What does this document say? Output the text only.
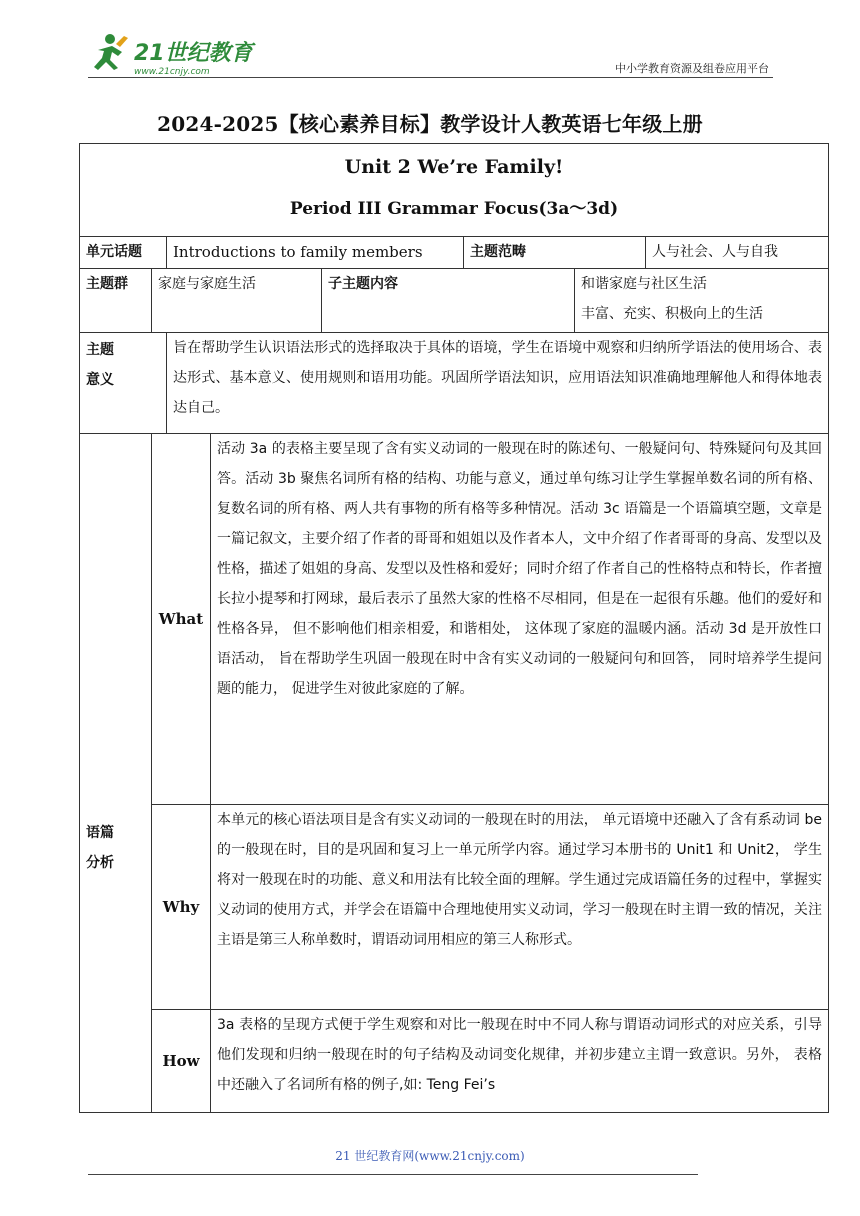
21世纪教育
www.21cnjy.com	中小学教育资源及组卷应用平台
2024-2025【核心素养目标】教学设计人教英语七年级上册
Unit 2 We’re Family!
Period III Grammar Focus(3a～3d)							

单元话题		Introductions to family members			主题范畴		人与社会、人与自我
主题群	家庭与家庭生活			子主题内容		和谐家庭与社区生活
丰富、充实、积极向上的生活	

主题
意义		旨在帮助学生认识语法形式的选择取决于具体的语境，学生在语境中观察和归纳所学语法的使用场合、表达形式、基本意义、使用规则和语用功能。巩固所学语法知识，应用语法知识准确地理解他人和得体地表达自己。					

语篇
分析	What		活动 3a 的表格主要呈现了含有实义动词的一般现在时的陈述句、一般疑问句、特殊疑问句及其回答。活动 3b 聚焦名词所有格的结构、功能与意义，通过单句练习让学生掌握单数名词的所有格、复数名词的所有格、两人共有事物的所有格等多种情况。活动 3c 语篇是一个语篇填空题，文章是一篇记叙文，主要介绍了作者的哥哥和姐姐以及作者本人，文中介绍了作者哥哥的身高、发型以及性格，描述了姐姐的身高、发型以及性格和爱好；同时介绍了作者自己的性格特点和特长，作者擅长拉小提琴和打网球，最后表示了虽然大家的性格不尽相同，但是在一起很有乐趣。他们的爱好和性格各异， 但不影响他们相亲相爱，和谐相处， 这体现了家庭的温暖内涵。活动 3d 是开放性口语活动， 旨在帮助学生巩固一般现在时中含有实义动词的一般疑问句和回答， 同时培养学生提问题的能力， 促进学生对彼此家庭的了解。				
	Why		本单元的核心语法项目是含有实义动词的一般现在时的用法， 单元语境中还融入了含有系动词 be 的一般现在时，目的是巩固和复习上一单元所学内容。通过学习本册书的 Unit1 和 Unit2， 学生将对一般现在时的功能、意义和用法有比较全面的理解。学生通过完成语篇任务的过程中，掌握实义动词的使用方式，并学会在语篇中合理地使用实义动词，学习一般现在时主谓一致的情况，关注主语是第三人称单数时，谓语动词用相应的第三人称形式。				
	How		3a 表格的呈现方式便于学生观察和对比一般现在时中不同人称与谓语动词形式的对应关系，引导他们发现和归纳一般现在时的句子结构及动词变化规律，并初步建立主谓一致意识。另外， 表格中还融入了名词所有格的例子,如: Teng Fei’s				
21 世纪教育网(www.21cnjy.com)
